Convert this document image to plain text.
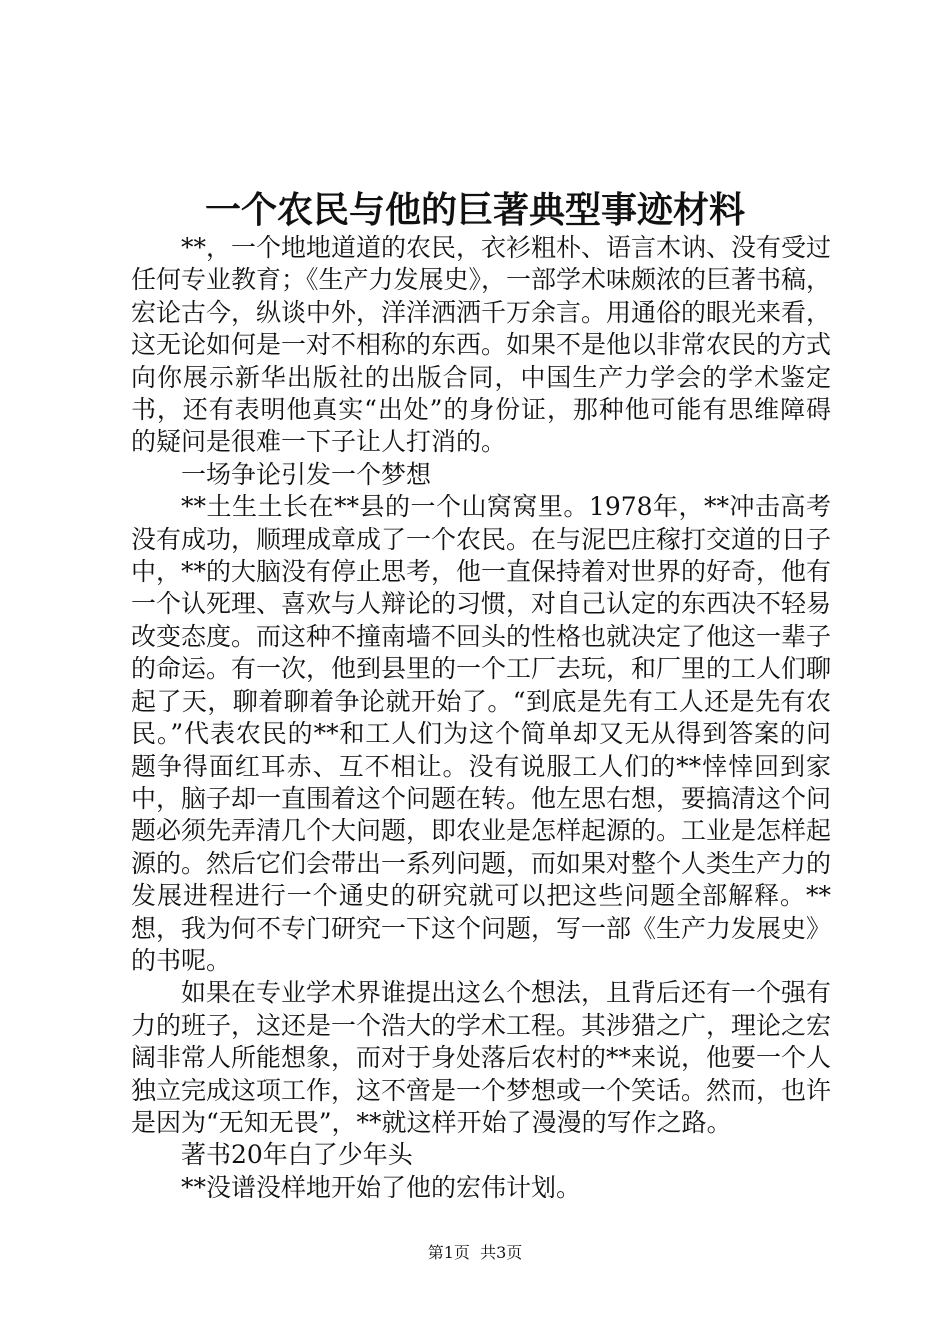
一个农民与他的巨著典型事迹材料

**，一个地地道道的农民，衣衫粗朴、语言木讷、没有受过任何专业教育；《生产力发展史》，一部学术味颇浓的巨著书稿，宏论古今，纵谈中外，洋洋洒洒千万余言。用通俗的眼光来看，这无论如何是一对不相称的东西。如果不是他以非常农民的方式向你展示新华出版社的出版合同，中国生产力学会的学术鉴定书，还有表明他真实“出处”的身份证，那种他可能有思维障碍的疑问是很难一下子让人打消的。

一场争论引发一个梦想

**土生土长在**县的一个山窝窝里。1978年，**冲击高考没有成功，顺理成章成了一个农民。在与泥巴庄稼打交道的日子中，**的大脑没有停止思考，他一直保持着对世界的好奇，他有一个认死理、喜欢与人辩论的习惯，对自己认定的东西决不轻易改变态度。而这种不撞南墙不回头的性格也就决定了他这一辈子的命运。有一次，他到县里的一个工厂去玩，和厂里的工人们聊起了天，聊着聊着争论就开始了。“到底是先有工人还是先有农民。”代表农民的**和工人们为这个简单却又无从得到答案的问题争得面红耳赤、互不相让。没有说服工人们的**悻悻回到家中，脑子却一直围着这个问题在转。他左思右想，要搞清这个问题必须先弄清几个大问题，即农业是怎样起源的。工业是怎样起源的。然后它们会带出一系列问题，而如果对整个人类生产力的发展进程进行一个通史的研究就可以把这些问题全部解释。**想，我为何不专门研究一下这个问题，写一部《生产力发展史》的书呢。

如果在专业学术界谁提出这么个想法，且背后还有一个强有力的班子，这还是一个浩大的学术工程。其涉猎之广，理论之宏阔非常人所能想象，而对于身处落后农村的**来说，他要一个人独立完成这项工作，这不啻是一个梦想或一个笑话。然而，也许是因为“无知无畏”，**就这样开始了漫漫的写作之路。

著书20年白了少年头

**没谱没样地开始了他的宏伟计划。

第1页 共3页
